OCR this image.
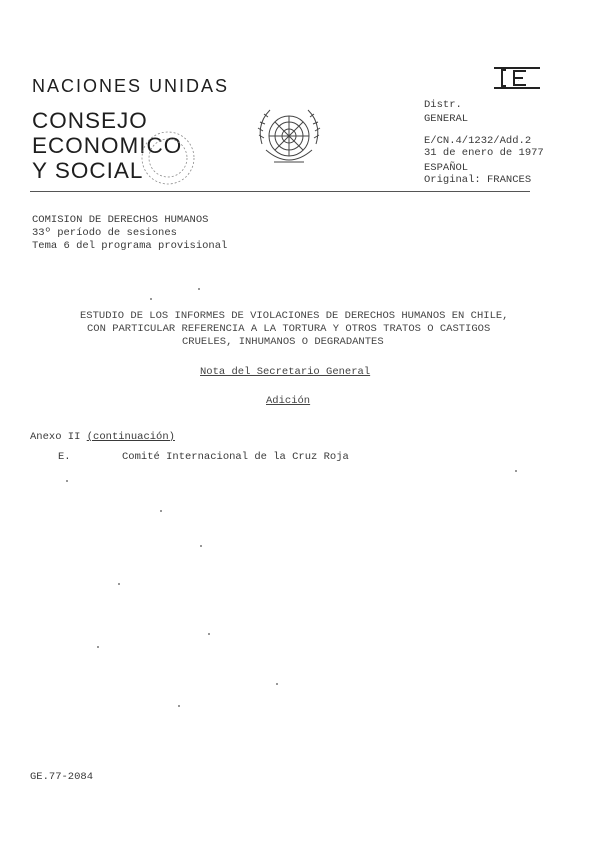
NACIONES UNIDAS
CONSEJO
ECONOMICO
Y SOCIAL
E
Distr.
GENERAL
E/CN.4/1232/Add.2
31 de enero de 1977
ESPAÑOL
Original: FRANCES
COMISION DE DERECHOS HUMANOS
33º período de sesiones
Tema 6 del programa provisional
ESTUDIO DE LOS INFORMES DE VIOLACIONES DE DERECHOS HUMANOS EN CHILE,
CON PARTICULAR REFERENCIA A LA TORTURA Y OTROS TRATOS O CASTIGOS
CRUELES, INHUMANOS O DEGRADANTES
Nota del Secretario General
Adición
Anexo II (continuación)
E.	Comité Internacional de la Cruz Roja
GE.77-2084
